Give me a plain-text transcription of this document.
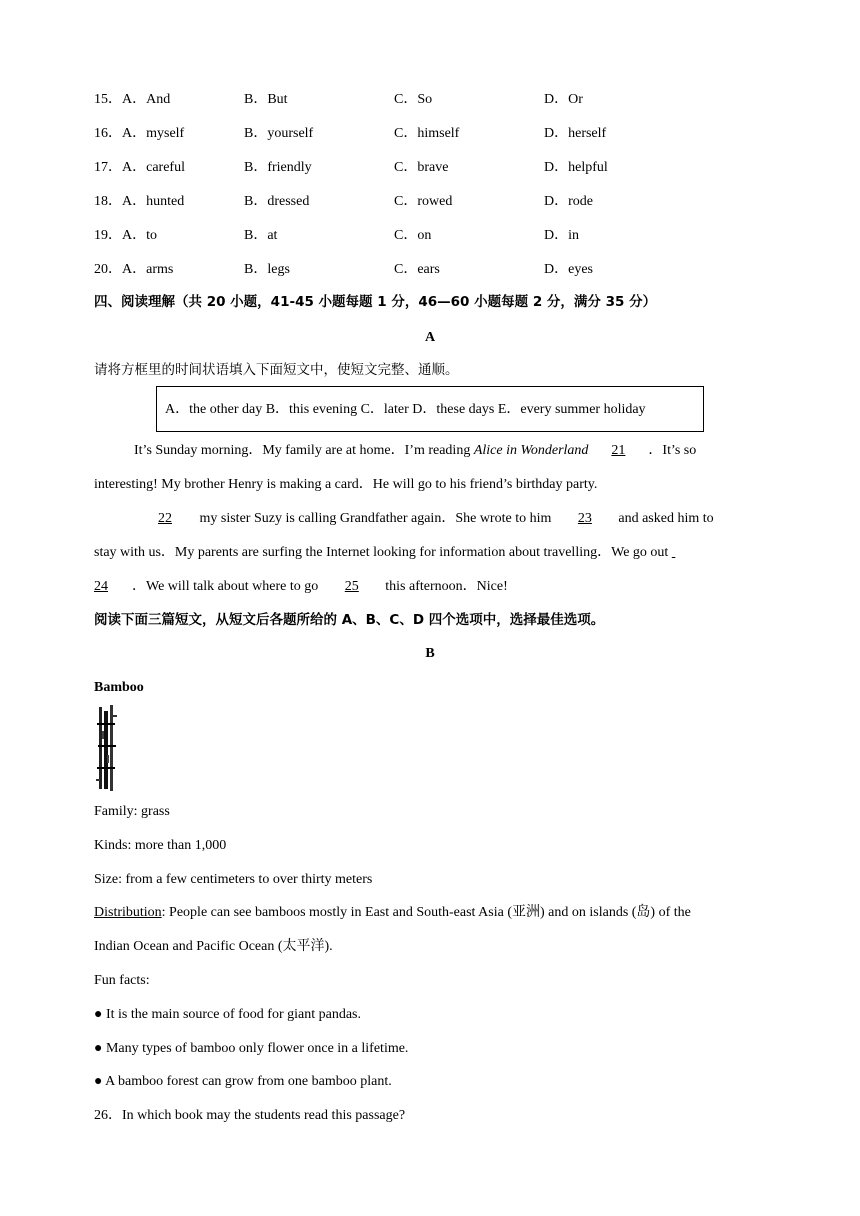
15． A．And	B．But	C．So	D．Or
16． A．myself	B．yourself	C．himself	D．herself
17． A．careful	B．friendly	C．brave	D．helpful
18． A．hunted	B．dressed	C．rowed	D．rode
19． A．to	B．at	C．on	D．in
20． A．arms	B．legs	C．ears	D．eyes
四、阅读理解（共 20 小题，41-45 小题每题 1 分，46—60 小题每题 2 分，满分 35 分）
A
请将方框里的时间状语填入下面短文中，使短文完整、通顺。
A．the other day B．this evening C．later D．these days E．every summer holiday
It’s Sunday morning．My family are at home．I’m reading Alice in Wonderland 21 ．It’s so
interesting! My brother Henry is making a card．He will go to his friend’s birthday party.
22 my sister Suzy is calling Grandfather again．She wrote to him 23 and asked him to
stay with us．My parents are surfing the Internet looking for information about travelling．We go out
24 ．We will talk about where to go 25 this afternoon．Nice!
阅读下面三篇短文，从短文后各题所给的 A、B、C、D 四个选项中，选择最佳选项。
B
Bamboo
Family: grass
Kinds: more than 1,000
Size: from a few centimeters to over thirty meters
Distribution: People can see bamboos mostly in East and South-east Asia (亚洲) and on islands (岛) of the
Indian Ocean and Pacific Ocean (太平洋).
Fun facts:
● It is the main source of food for giant pandas.
● Many types of bamboo only flower once in a lifetime.
● A bamboo forest can grow from one bamboo plant.
26．In which book may the students read this passage?
